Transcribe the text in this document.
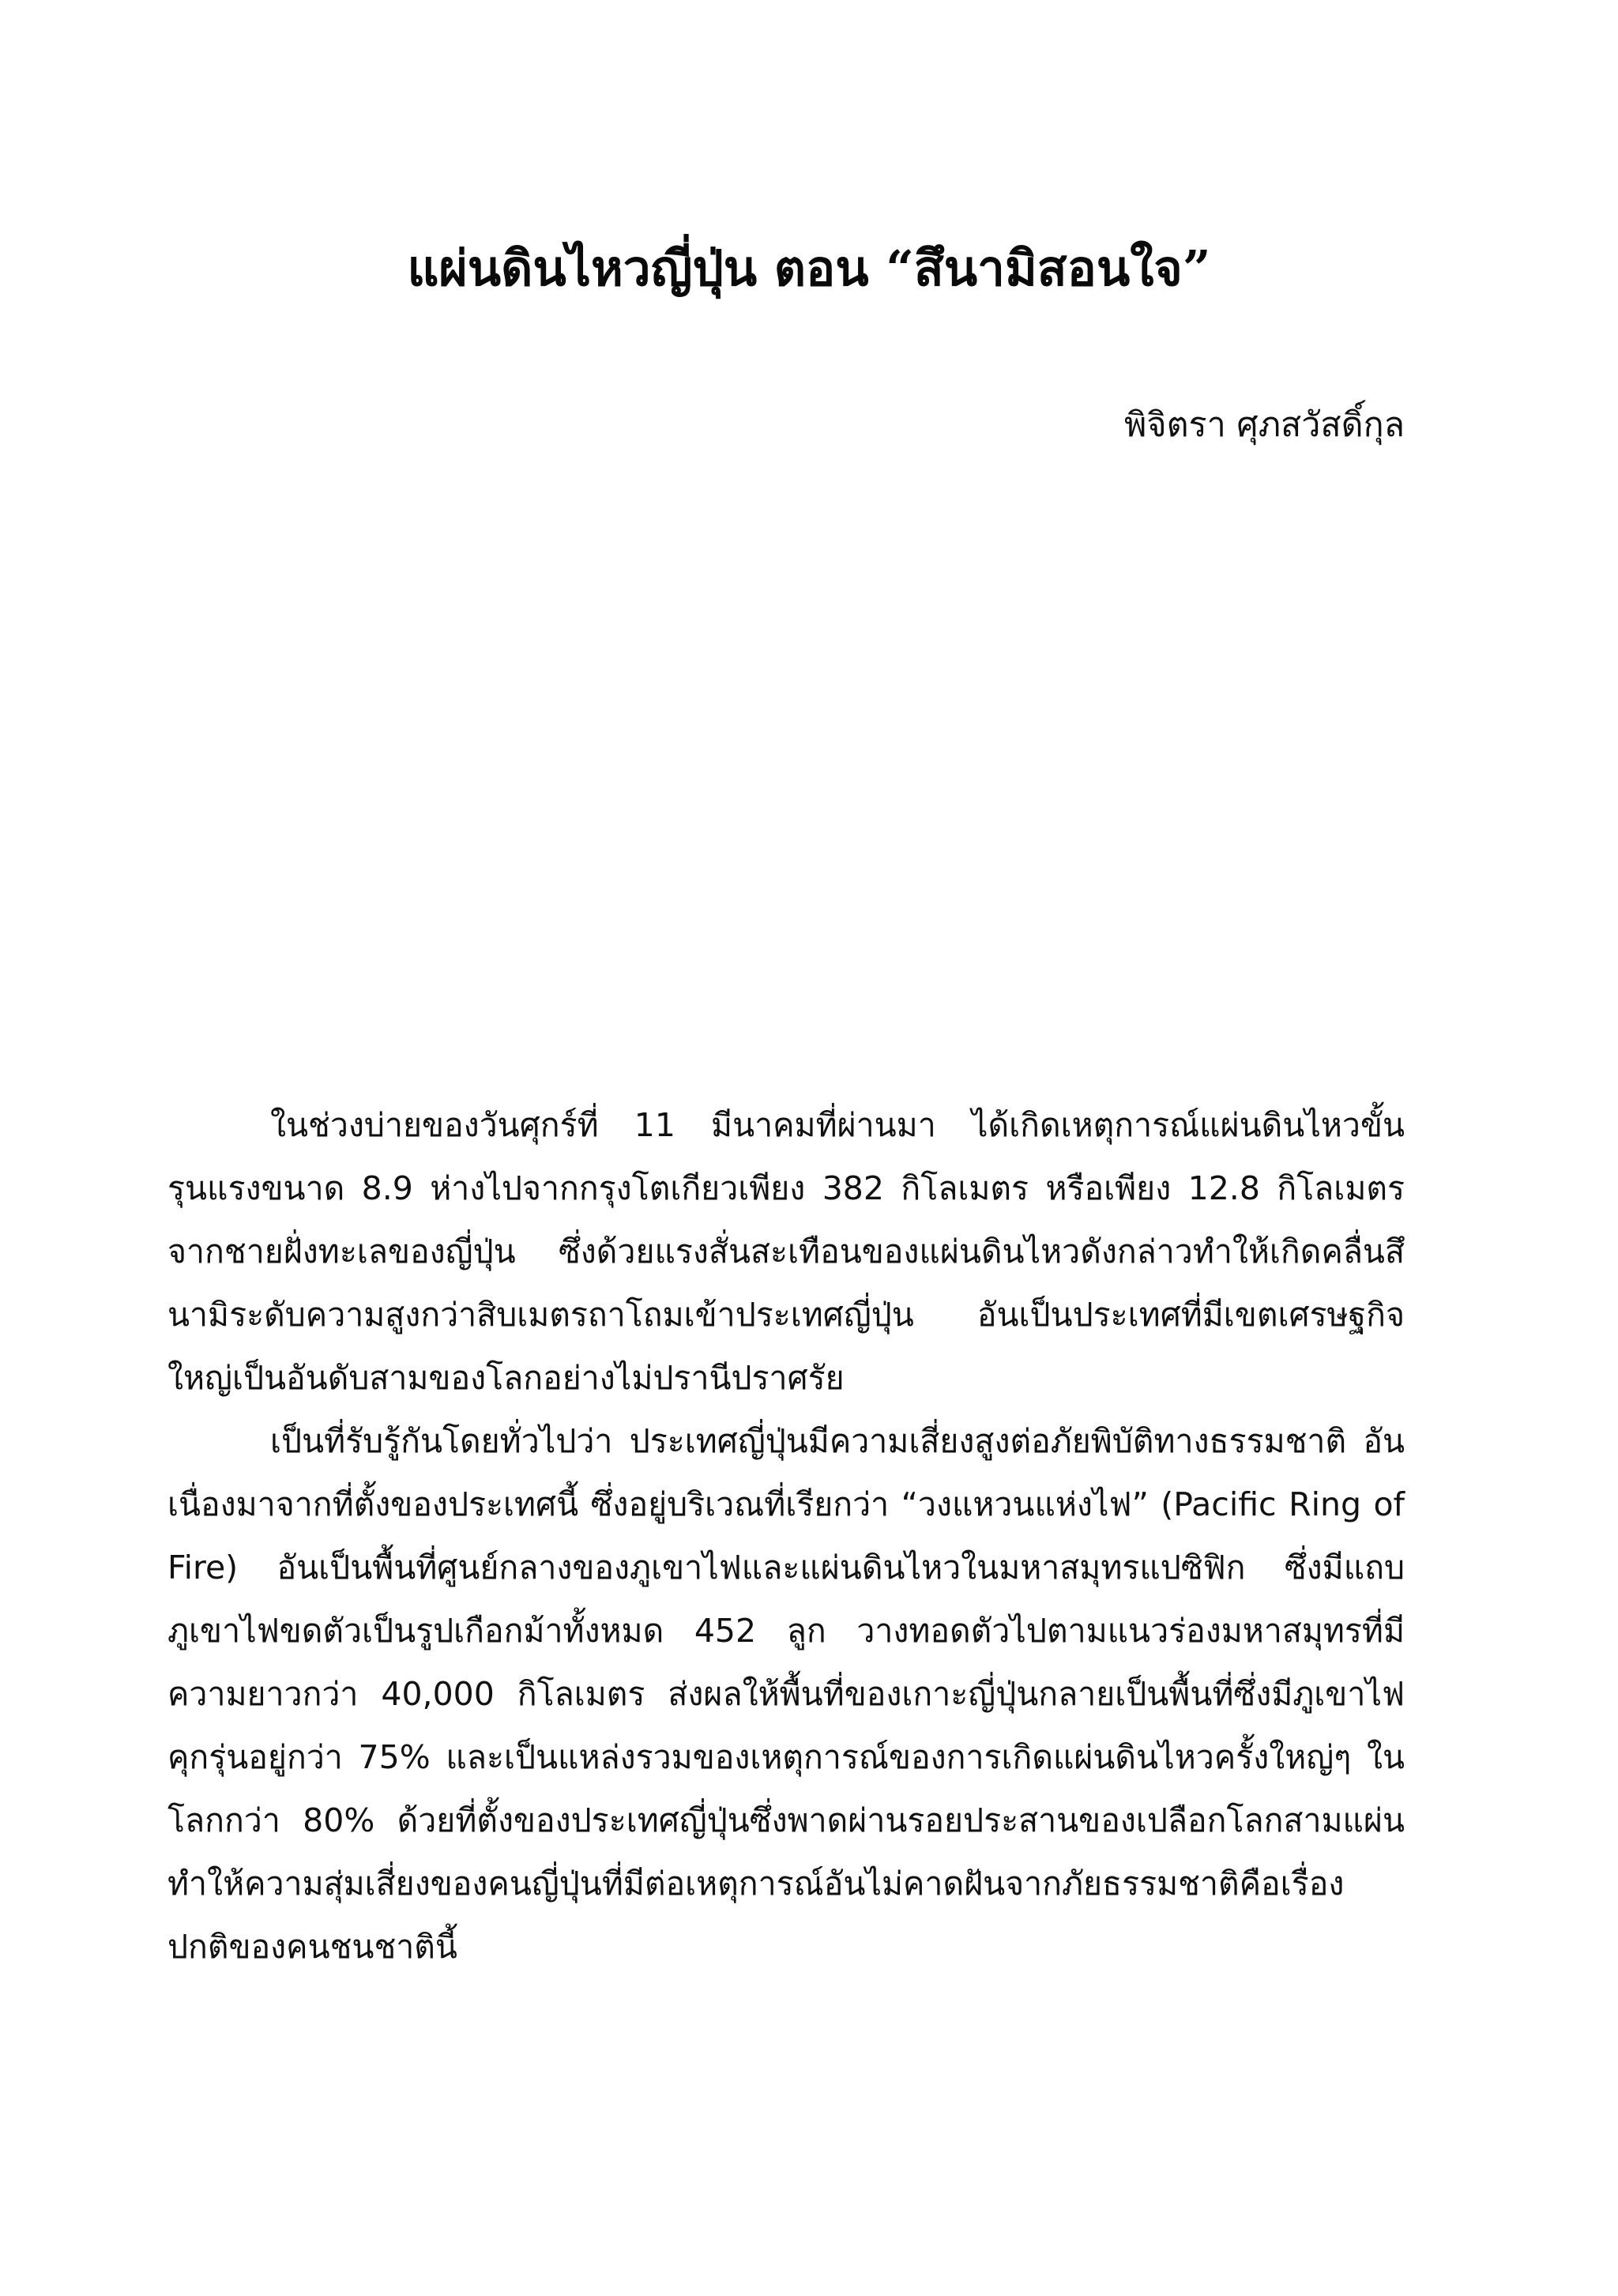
แผ่นดินไหวญี่ปุ่น ตอน “สึนามิสอนใจ”
พิจิตรา ศุภสวัสดิ์กุล

ในช่วงบ่ายของวันศุกร์ที่ 11 มีนาคมที่ผ่านมา ได้เกิดเหตุการณ์แผ่นดินไหวขั้นรุนแรงขนาด 8.9 ห่างไปจากกรุงโตเกียวเพียง 382 กิโลเมตร หรือเพียง 12.8 กิโลเมตรจากชายฝั่งทะเลของญี่ปุ่น ซึ่งด้วยแรงสั่นสะเทือนของแผ่นดินไหวดังกล่าวทำให้เกิดคลื่นสึนามิระดับความสูงกว่าสิบเมตรถาโถมเข้าประเทศญี่ปุ่น อันเป็นประเทศที่มีเขตเศรษฐกิจใหญ่เป็นอันดับสามของโลกอย่างไม่ปรานีปราศรัย

เป็นที่รับรู้กันโดยทั่วไปว่า ประเทศญี่ปุ่นมีความเสี่ยงสูงต่อภัยพิบัติทางธรรมชาติ อันเนื่องมาจากที่ตั้งของประเทศนี้ ซึ่งอยู่บริเวณที่เรียกว่า “วงแหวนแห่งไฟ” (Pacific Ring of Fire) อันเป็นพื้นที่ศูนย์กลางของภูเขาไฟและแผ่นดินไหวในมหาสมุทรแปซิฟิก ซึ่งมีแถบภูเขาไฟขดตัวเป็นรูปเกือกม้าทั้งหมด 452 ลูก วางทอดตัวไปตามแนวร่องมหาสมุทรที่มีความยาวกว่า 40,000 กิโลเมตร ส่งผลให้พื้นที่ของเกาะญี่ปุ่นกลายเป็นพื้นที่ซึ่งมีภูเขาไฟคุกรุ่นอยู่กว่า 75% และเป็นแหล่งรวมของเหตุการณ์ของการเกิดแผ่นดินไหวครั้งใหญ่ๆ ในโลกกว่า 80% ด้วยที่ตั้งของประเทศญี่ปุ่นซึ่งพาดผ่านรอยประสานของเปลือกโลกสามแผ่น ทำให้ความสุ่มเสี่ยงของคนญี่ปุ่นที่มีต่อเหตุการณ์อันไม่คาดฝันจากภัยธรรมชาติคือเรื่องปกติของคนชนชาตินี้
